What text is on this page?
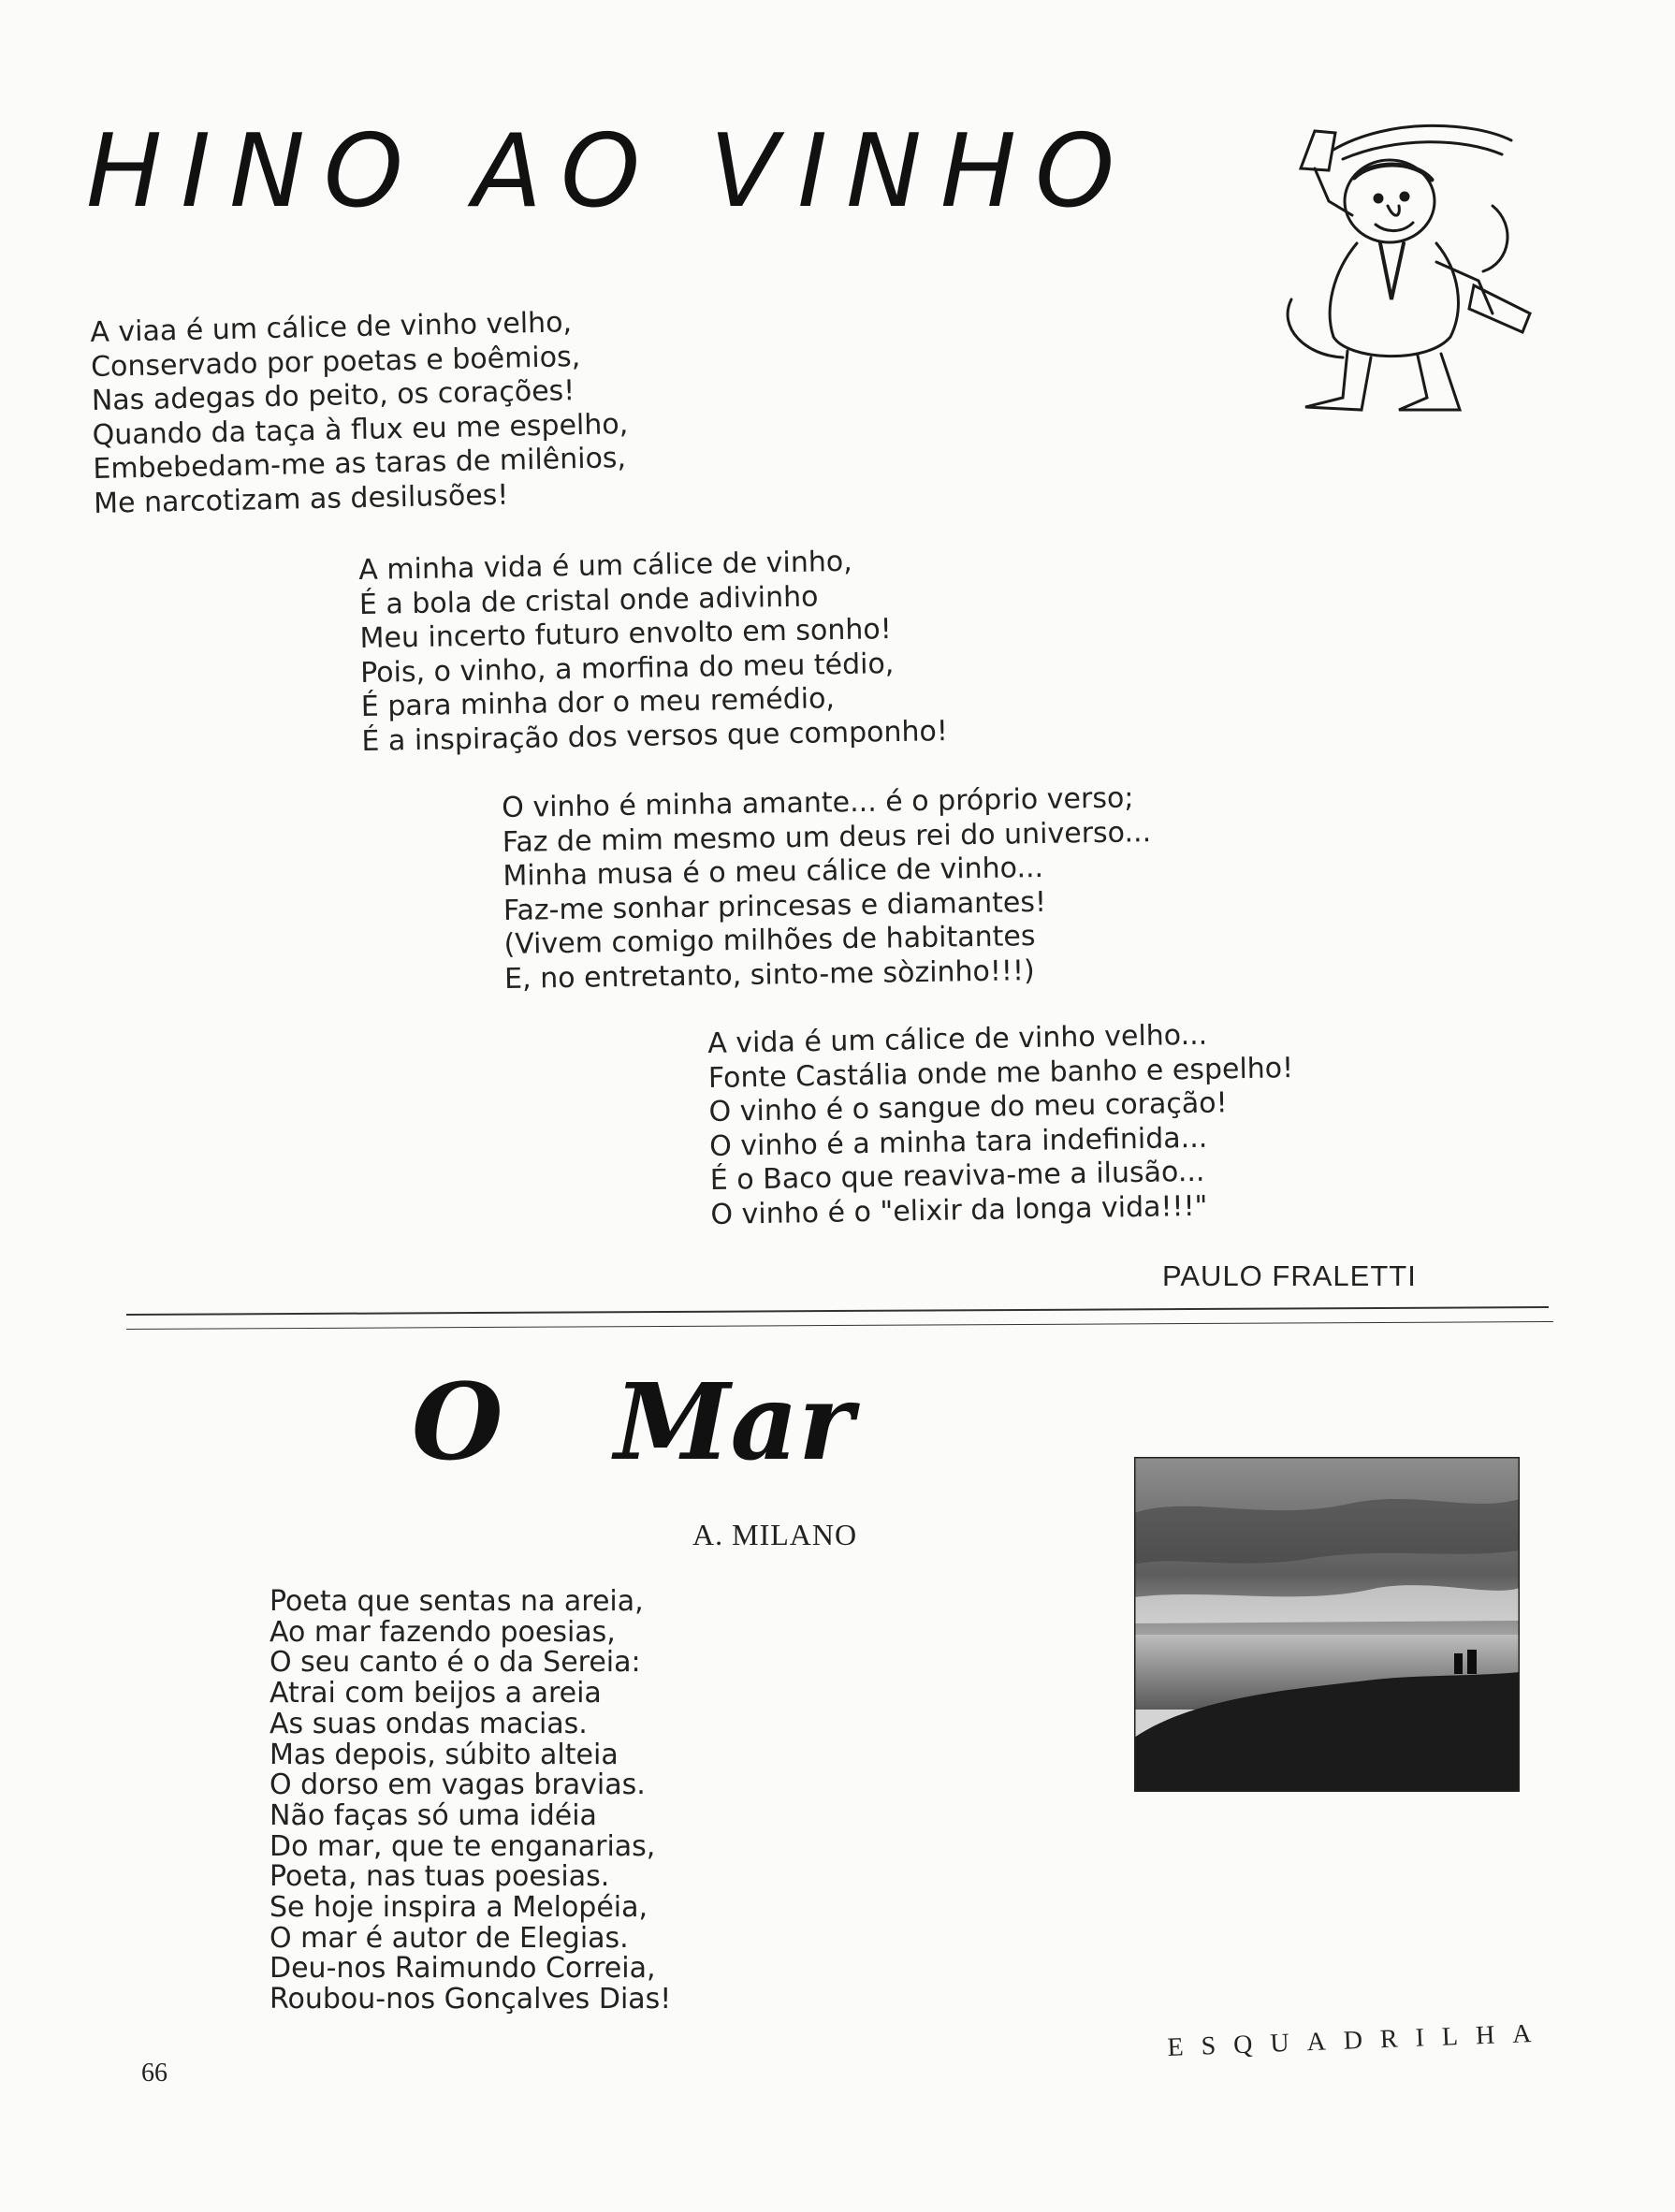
HINO AO VINHO
A viaa é um cálice de vinho velho,
Conservado por poetas e boêmios,
Nas adegas do peito, os corações!
Quando da taça à flux eu me espelho,
Embebedam-me as taras de milênios,
Me narcotizam as desilusões!
A minha vida é um cálice de vinho,
É a bola de cristal onde adivinho
Meu incerto futuro envolto em sonho!
Pois, o vinho, a morfina do meu tédio,
É para minha dor o meu remédio,
É a inspiração dos versos que componho!
O vinho é minha amante... é o próprio verso;
Faz de mim mesmo um deus rei do universo...
Minha musa é o meu cálice de vinho...
Faz-me sonhar princesas e diamantes!
(Vivem comigo milhões de habitantes
E, no entretanto, sinto-me sòzinho!!!)
A vida é um cálice de vinho velho...
Fonte Castália onde me banho e espelho!
O vinho é o sangue do meu coração!
O vinho é a minha tara indefinida...
É o Baco que reaviva-me a ilusão...
O vinho é o "elixir da longa vida!!!"

PAULO FRALETTI

O Mar

A. MILANO

Poeta que sentas na areia,
Ao mar fazendo poesias,
O seu canto é o da Sereia:
Atrai com beijos a areia
As suas ondas macias.
Mas depois, súbito alteia
O dorso em vagas bravias.
Não faças só uma idéia
Do mar, que te enganarias,
Poeta, nas tuas poesias.
Se hoje inspira a Melopéia,
O mar é autor de Elegias.
Deu-nos Raimundo Correia,
Roubou-nos Gonçalves Dias!

66

ESQUADRILHA
